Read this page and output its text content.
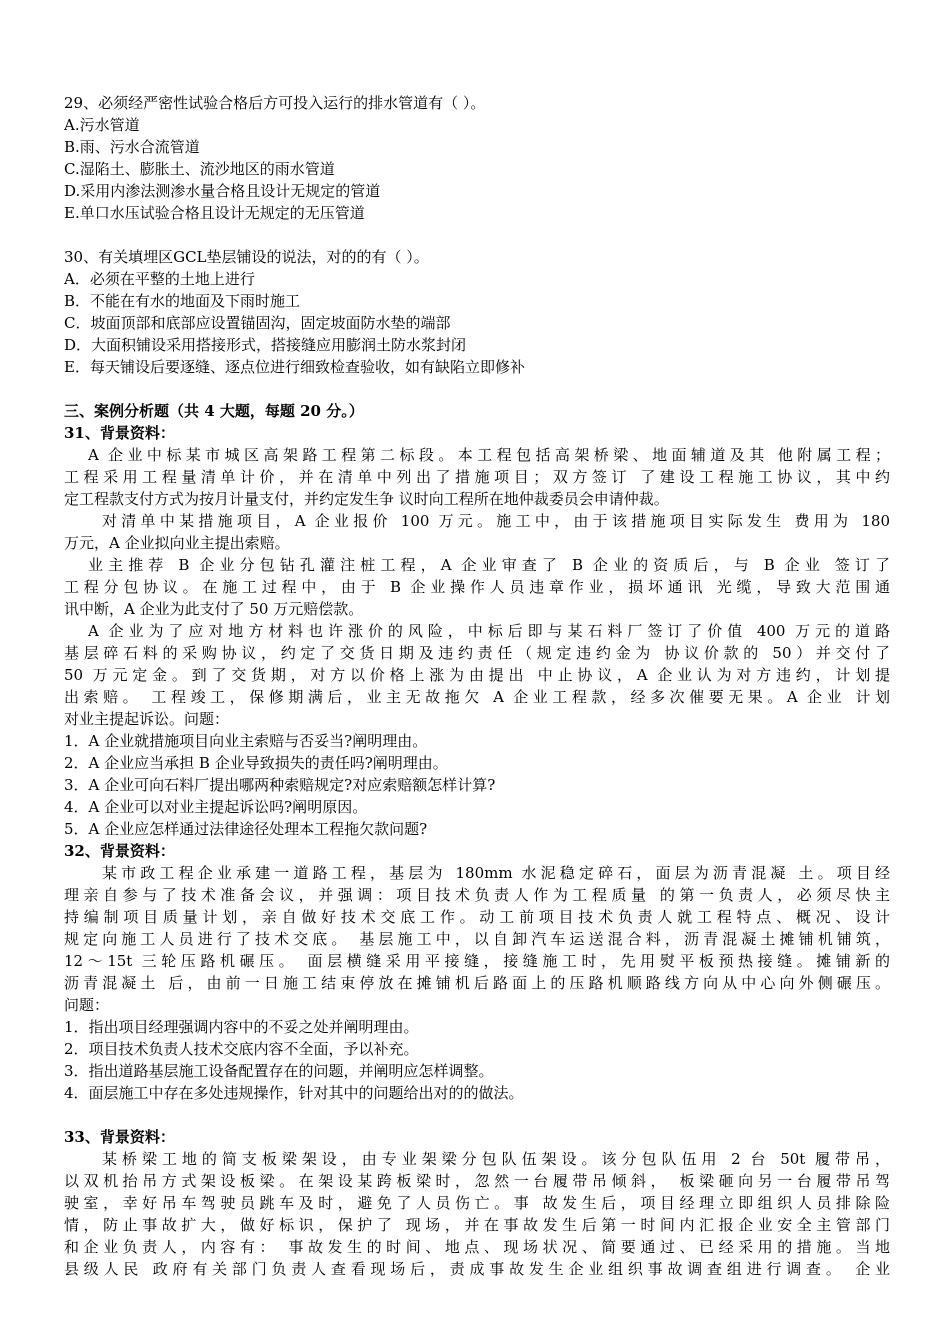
29、必须经严密性试验合格后方可投入运行的排水管道有（ ）。
A.污水管道
B.雨、污水合流管道
C.湿陷土、膨胀土、流沙地区的雨水管道
D.采用内渗法测渗水量合格且设计无规定的管道
E.单口水压试验合格且设计无规定的无压管道
30、有关填埋区GCL垫层铺设的说法，对的的有（ ）。
A．必须在平整的土地上进行
B．不能在有水的地面及下雨时施工
C．坡面顶部和底部应设置锚固沟，固定坡面防水垫的端部
D．大面积铺设采用搭接形式，搭接缝应用膨润土防水浆封闭
E．每天铺设后要逐缝、逐点位进行细致检查验收，如有缺陷立即修补
三、案例分析题（共 4 大题，每题 20 分。）
31、背景资料：
A 企业中标某市城区高架路工程第二标段。本工程包括高架桥梁、地面辅道及其 他附属工程；
工程采用工程量清单计价，并在清单中列出了措施项目；双方签订 了建设工程施工协议，其中约
定工程款支付方式为按月计量支付，并约定发生争 议时向工程所在地仲裁委员会申请仲裁。
对清单中某措施项目，A 企业报价 100 万元。施工中，由于该措施项目实际发生 费用为 180
万元，A 企业拟向业主提出索赔。
业主推荐 B 企业分包钻孔灌注桩工程，A 企业审查了 B 企业的资质后，与 B 企业 签订了
工程分包协议。在施工过程中，由于 B 企业操作人员违章作业，损坏通讯 光缆，导致大范围通
讯中断，A 企业为此支付了 50 万元赔偿款。
A 企业为了应对地方材料也许涨价的风险，中标后即与某石料厂签订了价值 400 万元的道路
基层碎石料的采购协议，约定了交货日期及违约责任（规定违约金为 协议价款的 50）并交付了
50 万元定金。到了交货期，对方以价格上涨为由提出 中止协议，A 企业认为对方违约，计划提
出索赔。 工程竣工，保修期满后，业主无故拖欠 A 企业工程款，经多次催要无果。A 企业 计划
对业主提起诉讼。问题：
1．A 企业就措施项目向业主索赔与否妥当?阐明理由。
2．A 企业应当承担 B 企业导致损失的责任吗?阐明理由。
3．A 企业可向石料厂提出哪两种索赔规定?对应索赔额怎样计算?
4．A 企业可以对业主提起诉讼吗?阐明原因。
5．A 企业应怎样通过法律途径处理本工程拖欠款问题?
32、背景资料：
某市政工程企业承建一道路工程，基层为 180mm 水泥稳定碎石，面层为沥青混凝 土。项目经
理亲自参与了技术准备会议，并强调：项目技术负责人作为工程质量 的第一负责人，必须尽快主
持编制项目质量计划，亲自做好技术交底工作。动工前项目技术负责人就工程特点、概况、设计
规定向施工人员进行了技术交底。 基层施工中，以自卸汽车运送混合料，沥青混凝土摊铺机铺筑，
12～15t 三轮压路机碾压。 面层横缝采用平接缝，接缝施工时，先用熨平板预热接缝。摊铺新的
沥青混凝土 后，由前一日施工结束停放在摊铺机后路面上的压路机顺路线方向从中心向外侧碾压。
问题：
1．指出项目经理强调内容中的不妥之处并阐明理由。
2．项目技术负责人技术交底内容不全面，予以补充。
3．指出道路基层施工设备配置存在的问题，并阐明应怎样调整。
4．面层施工中存在多处违规操作，针对其中的问题给出对的的做法。
33、背景资料：
某桥梁工地的简支板梁架设，由专业架梁分包队伍架设。该分包队伍用 2 台 50t 履带吊，
以双机抬吊方式架设板梁。在架设某跨板梁时，忽然一台履带吊倾斜， 板梁砸向另一台履带吊驾
驶室，幸好吊车驾驶员跳车及时，避免了人员伤亡。事 故发生后，项目经理立即组织人员排除险
情，防止事故扩大，做好标识，保护了 现场，并在事故发生后第一时间内汇报企业安全主管部门
和企业负责人，内容有： 事故发生的时间、地点、现场状况、简要通过、已经采用的措施。当地
县级人民 政府有关部门负责人查看现场后，责成事故发生企业组织事故调查组进行调查。 企业
